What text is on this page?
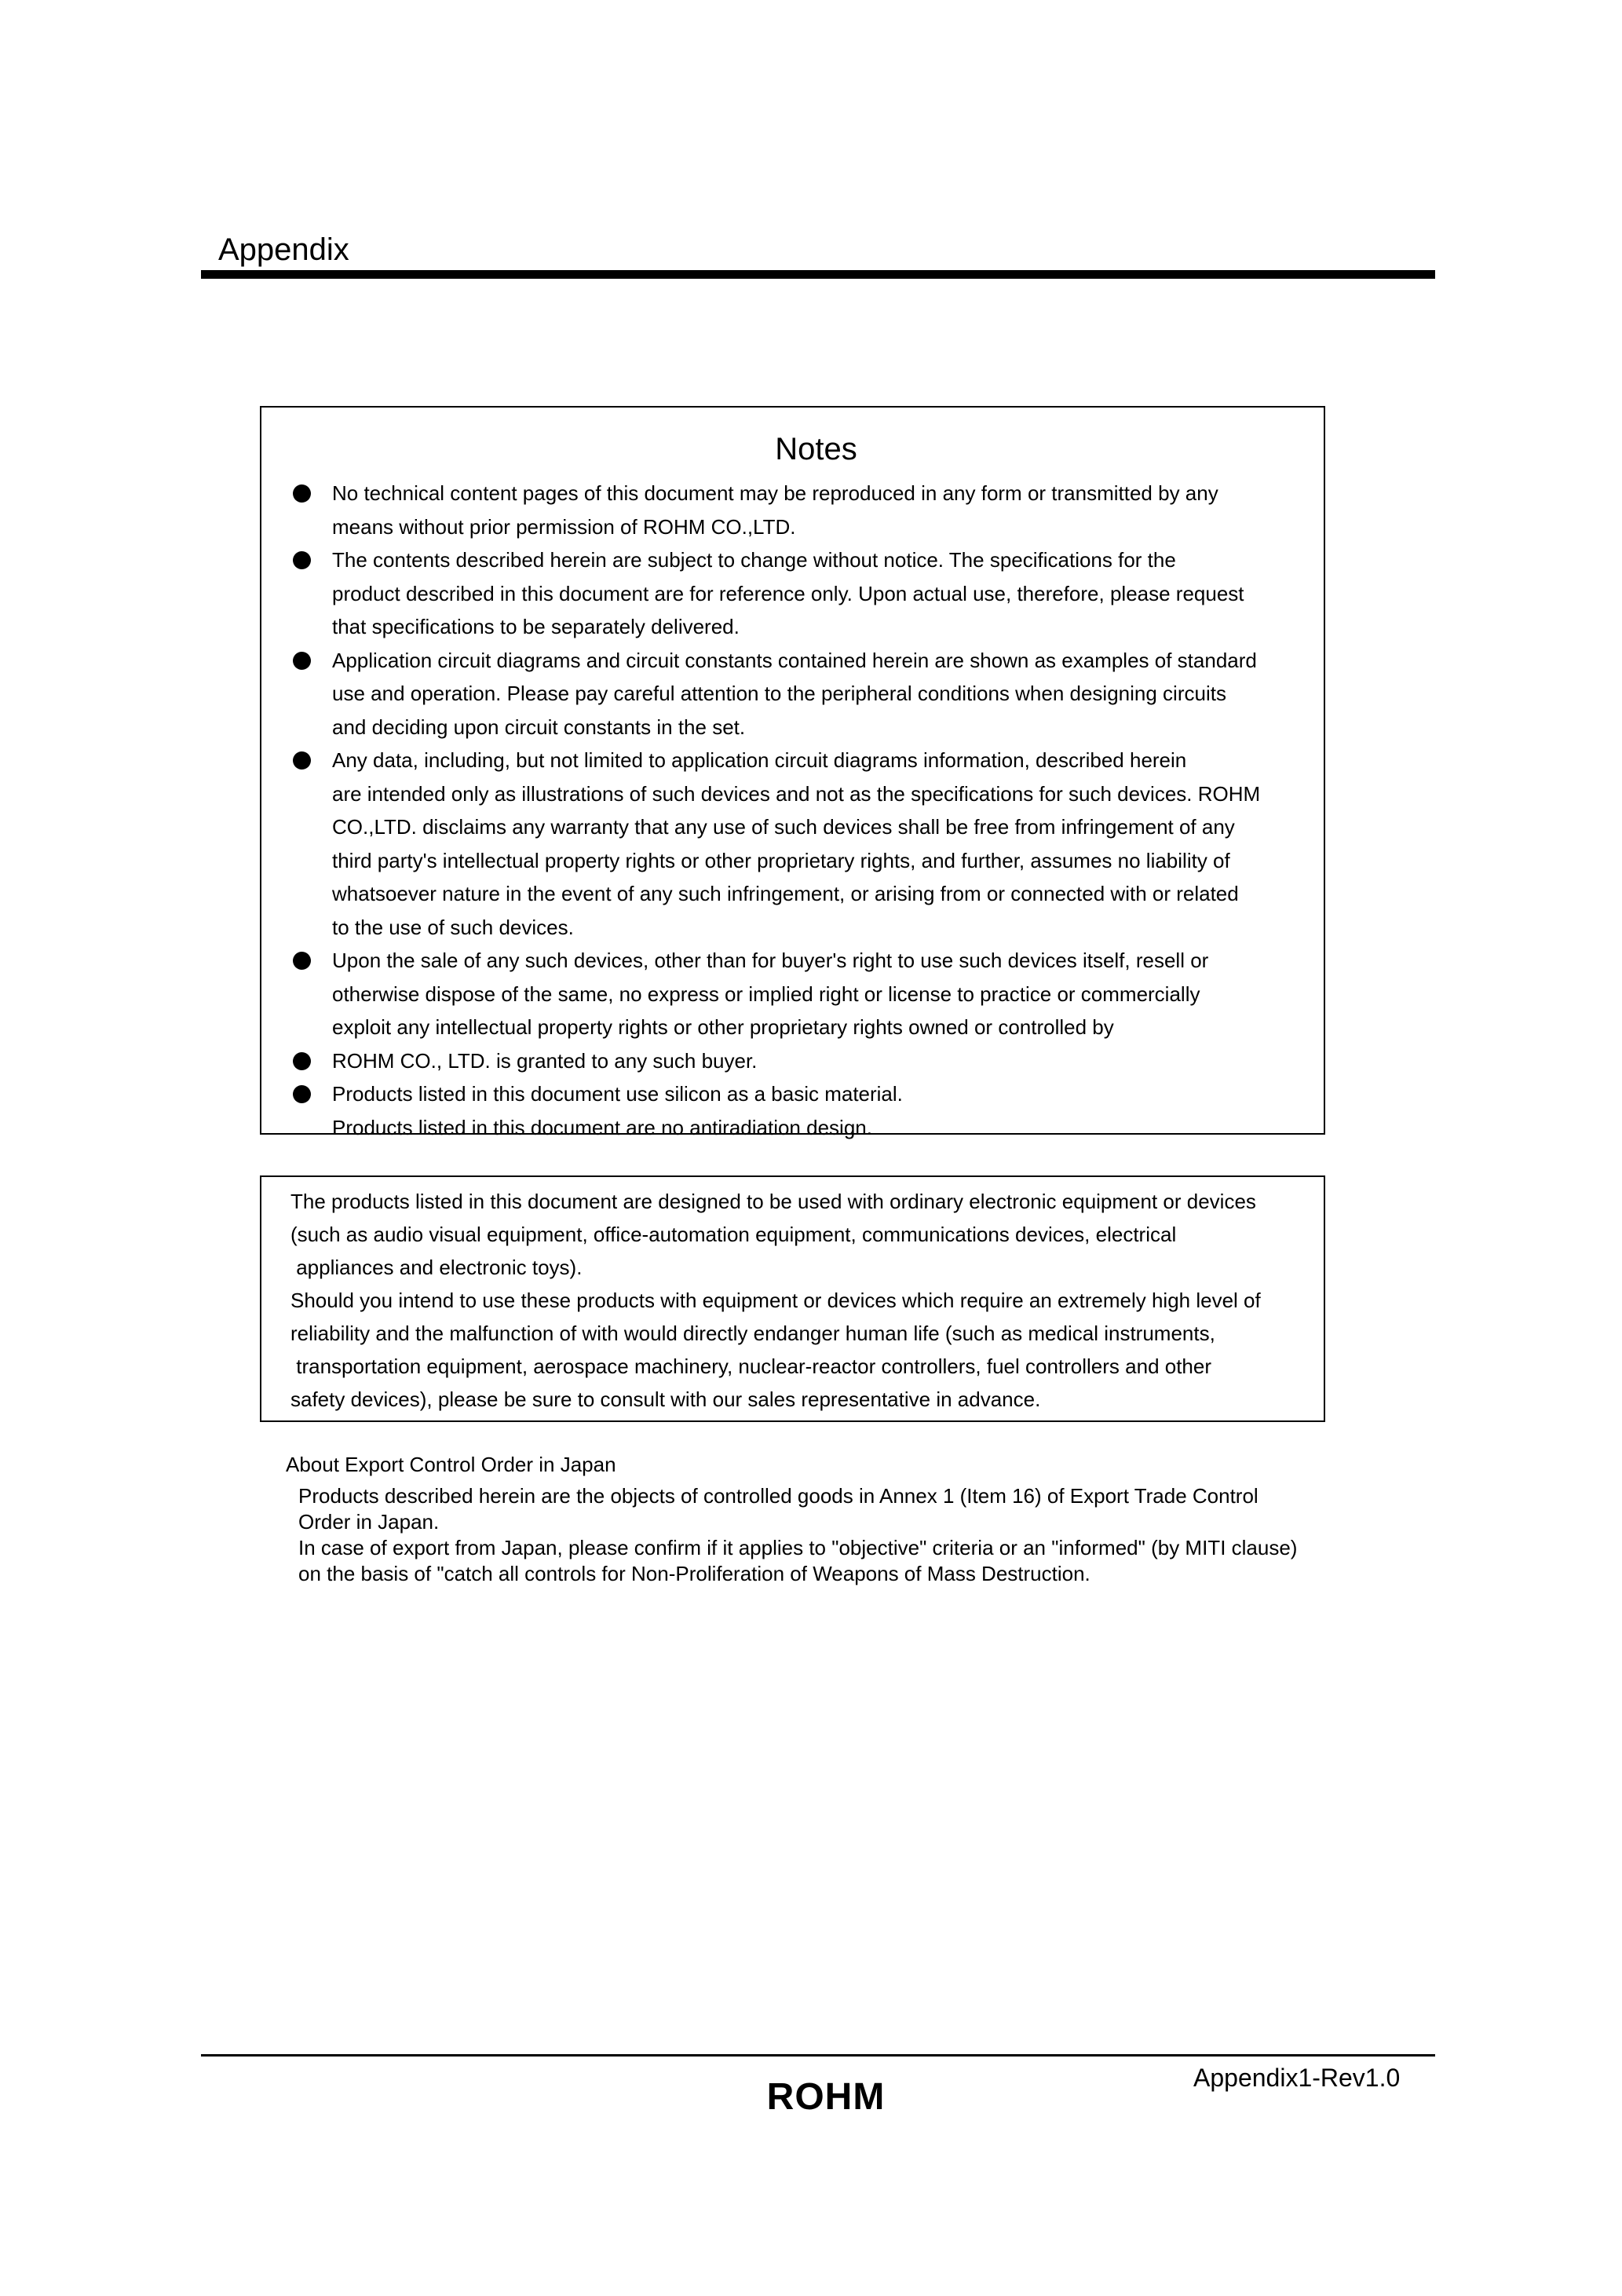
Appendix
Notes
No technical content pages of this document may be reproduced in any form or transmitted by any
means without prior permission of ROHM CO.,LTD.
The contents described herein are subject to change without notice. The specifications for the
product described in this document are for reference only. Upon actual use, therefore, please request
that specifications to be separately delivered.
Application circuit diagrams and circuit constants contained herein are shown as examples of standard
use and operation. Please pay careful attention to the peripheral conditions when designing circuits
and deciding upon circuit constants in the set.
Any data, including, but not limited to application circuit diagrams information, described herein
are intended only as illustrations of such devices and not as the specifications for such devices. ROHM
CO.,LTD. disclaims any warranty that any use of such devices shall be free from infringement of any
third party's intellectual property rights or other proprietary rights, and further, assumes no liability of
whatsoever nature in the event of any such infringement, or arising from or connected with or related
to the use of such devices.
Upon the sale of any such devices, other than for buyer's right to use such devices itself, resell or
otherwise dispose of the same, no express or implied right or license to practice or commercially
exploit any intellectual property rights or other proprietary rights owned or controlled by
ROHM CO., LTD. is granted to any such buyer.
Products listed in this document use silicon as a basic material.
Products listed in this document are no antiradiation design.
The products listed in this document are designed to be used with ordinary electronic equipment or devices
(such as audio visual equipment, office-automation equipment, communications devices, electrical
appliances and electronic toys).
Should you intend to use these products with equipment or devices which require an extremely high level of
reliability and the malfunction of with would directly endanger human life (such as medical instruments,
transportation equipment, aerospace machinery, nuclear-reactor controllers, fuel controllers and other
safety devices), please be sure to consult with our sales representative in advance.
About Export Control Order in Japan
Products described herein are the objects of controlled goods in Annex 1 (Item 16) of Export Trade Control
Order in Japan.
In case of export from Japan, please confirm if it applies to "objective" criteria or an "informed" (by MITI clause)
on the basis of "catch all controls for Non-Proliferation of Weapons of Mass Destruction.
Appendix1-Rev1.0
ROHM
